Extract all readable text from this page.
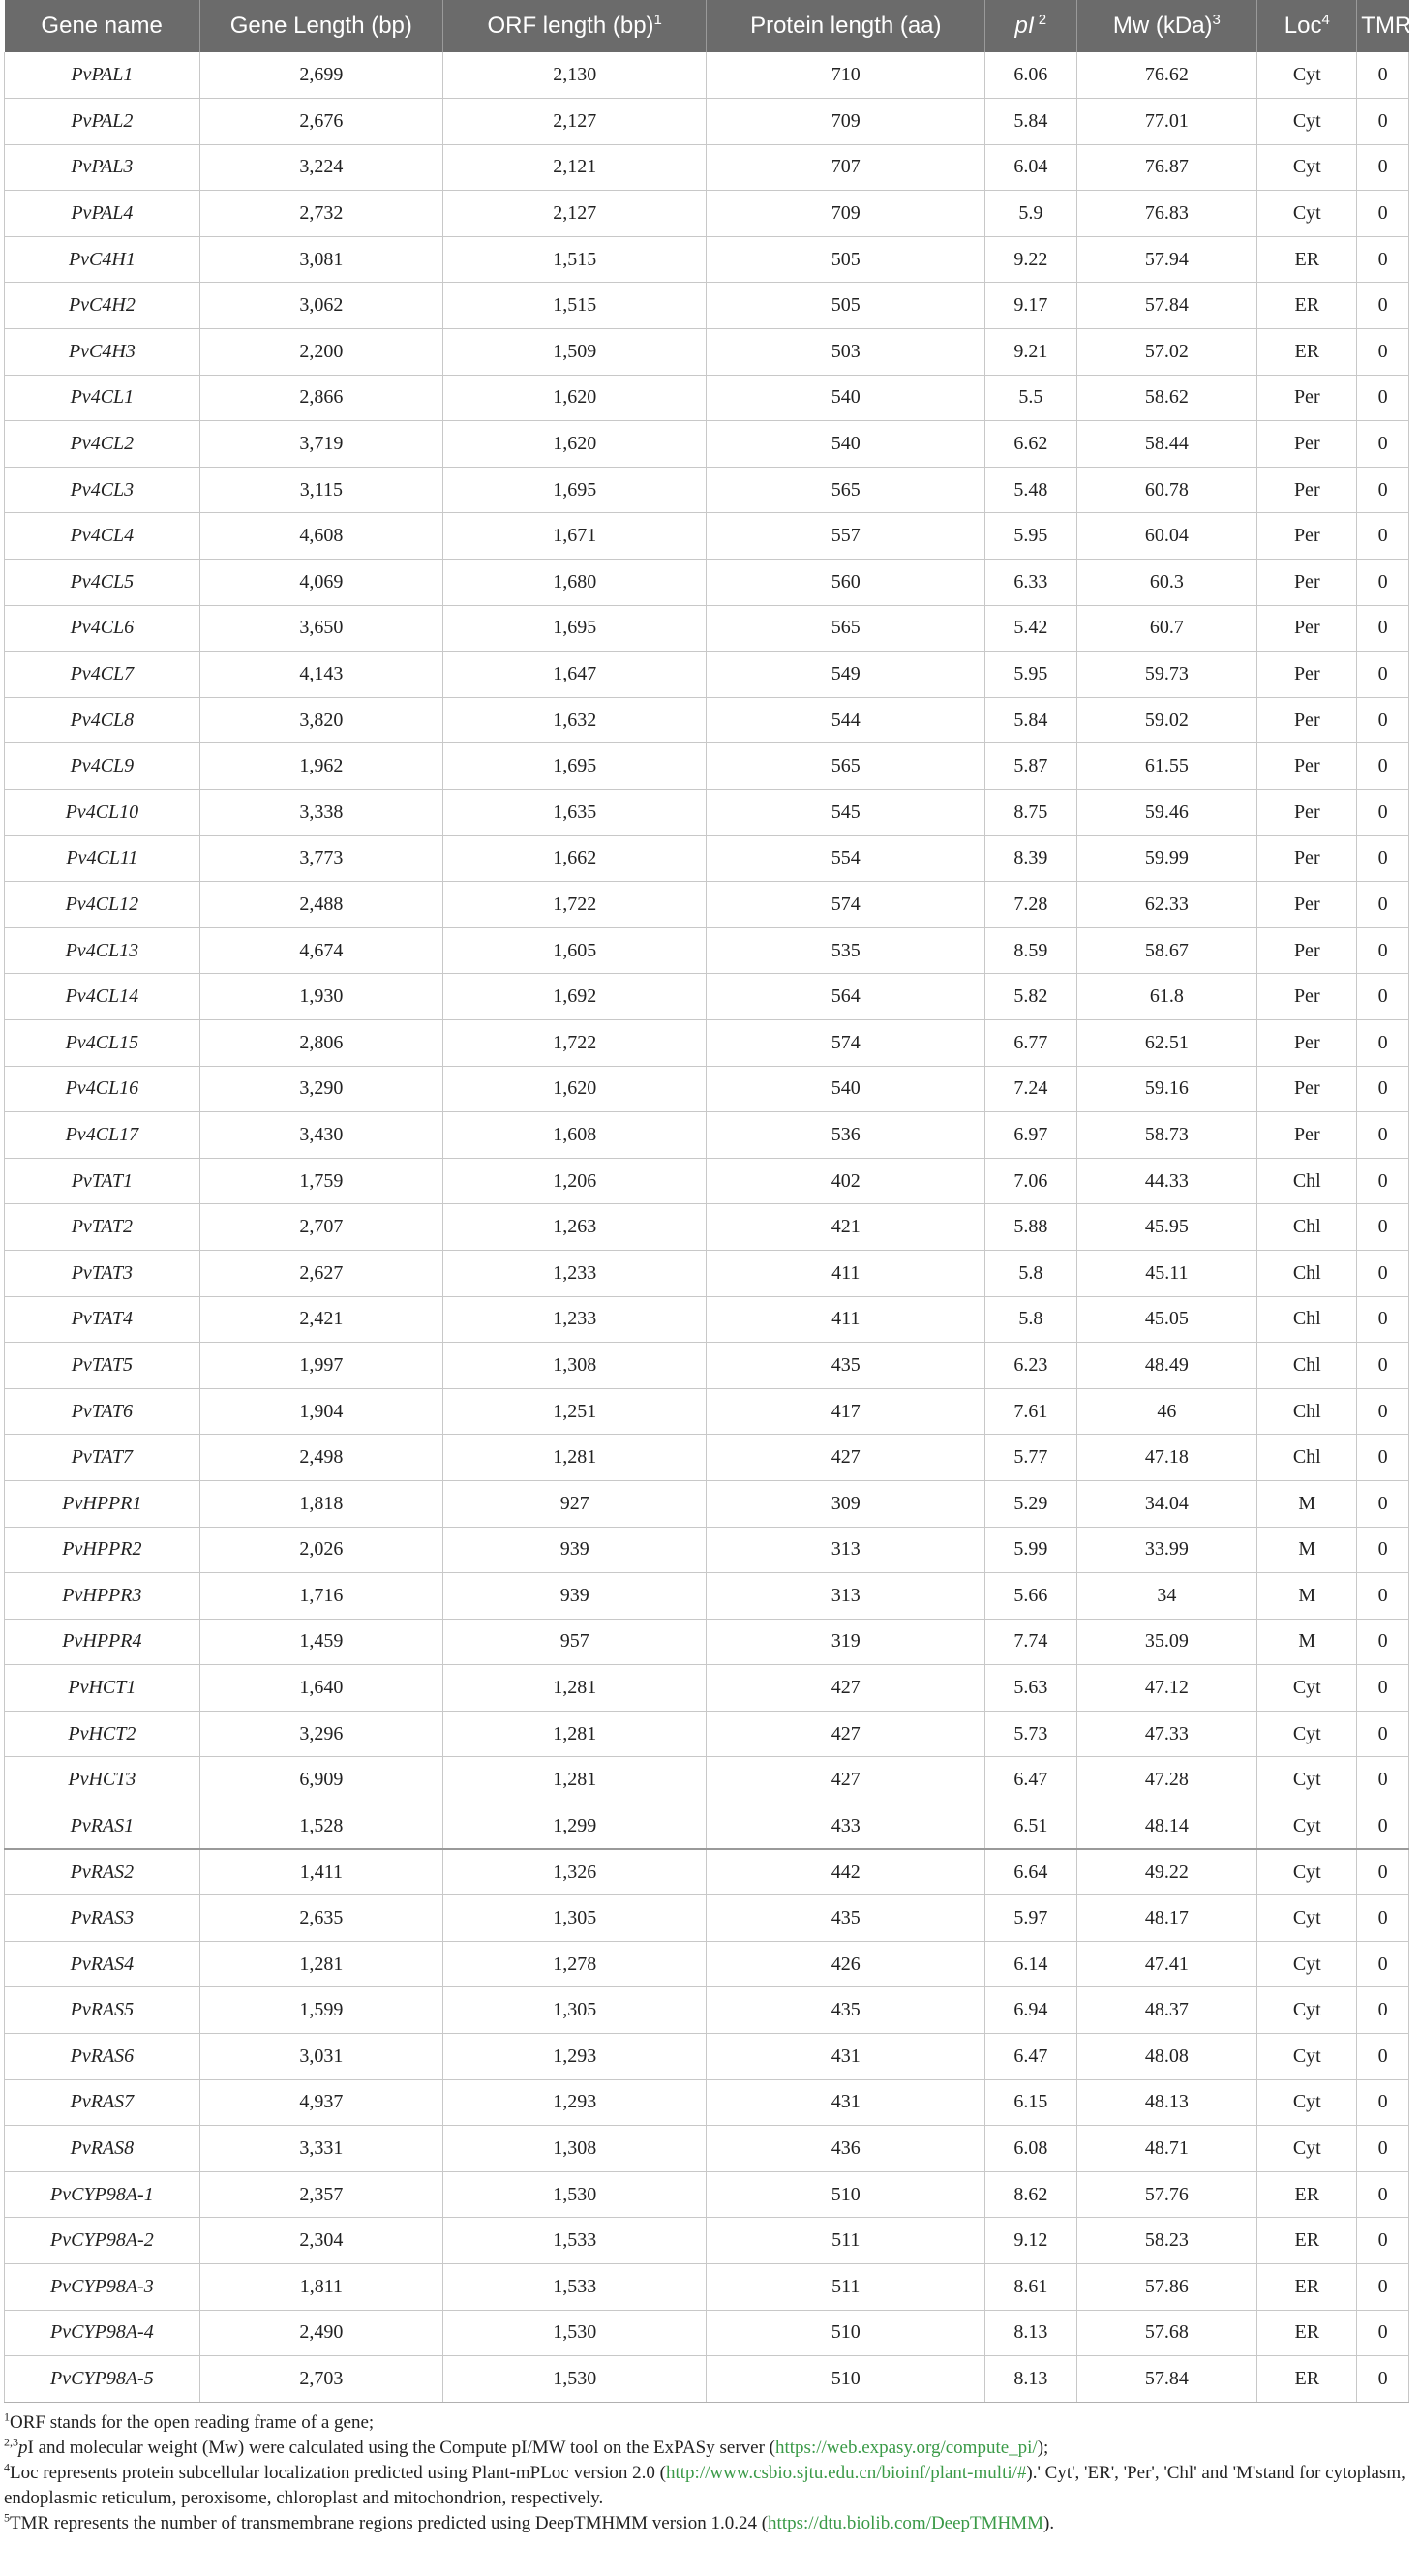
Gene name	Gene Length (bp)	ORF length (bp)$^1$	Protein length (aa)	pI $^2$	Mw (kDa)$^3$	Loc$^4$	TMR$^5$
PvPAL1	2,699	2,130	710	6.06	76.62	Cyt	0
PvPAL2	2,676	2,127	709	5.84	77.01	Cyt	0
PvPAL3	3,224	2,121	707	6.04	76.87	Cyt	0
PvPAL4	2,732	2,127	709	5.9	76.83	Cyt	0
PvC4H1	3,081	1,515	505	9.22	57.94	ER	0
PvC4H2	3,062	1,515	505	9.17	57.84	ER	0
PvC4H3	2,200	1,509	503	9.21	57.02	ER	0
Pv4CL1	2,866	1,620	540	5.5	58.62	Per	0
Pv4CL2	3,719	1,620	540	6.62	58.44	Per	0
Pv4CL3	3,115	1,695	565	5.48	60.78	Per	0
Pv4CL4	4,608	1,671	557	5.95	60.04	Per	0
Pv4CL5	4,069	1,680	560	6.33	60.3	Per	0
Pv4CL6	3,650	1,695	565	5.42	60.7	Per	0
Pv4CL7	4,143	1,647	549	5.95	59.73	Per	0
Pv4CL8	3,820	1,632	544	5.84	59.02	Per	0
Pv4CL9	1,962	1,695	565	5.87	61.55	Per	0
Pv4CL10	3,338	1,635	545	8.75	59.46	Per	0
Pv4CL11	3,773	1,662	554	8.39	59.99	Per	0
Pv4CL12	2,488	1,722	574	7.28	62.33	Per	0
Pv4CL13	4,674	1,605	535	8.59	58.67	Per	0
Pv4CL14	1,930	1,692	564	5.82	61.8	Per	0
Pv4CL15	2,806	1,722	574	6.77	62.51	Per	0
Pv4CL16	3,290	1,620	540	7.24	59.16	Per	0
Pv4CL17	3,430	1,608	536	6.97	58.73	Per	0
PvTAT1	1,759	1,206	402	7.06	44.33	Chl	0
PvTAT2	2,707	1,263	421	5.88	45.95	Chl	0
PvTAT3	2,627	1,233	411	5.8	45.11	Chl	0
PvTAT4	2,421	1,233	411	5.8	45.05	Chl	0
PvTAT5	1,997	1,308	435	6.23	48.49	Chl	0
PvTAT6	1,904	1,251	417	7.61	46	Chl	0
PvTAT7	2,498	1,281	427	5.77	47.18	Chl	0
PvHPPR1	1,818	927	309	5.29	34.04	M	0
PvHPPR2	2,026	939	313	5.99	33.99	M	0
PvHPPR3	1,716	939	313	5.66	34	M	0
PvHPPR4	1,459	957	319	7.74	35.09	M	0
PvHCT1	1,640	1,281	427	5.63	47.12	Cyt	0
PvHCT2	3,296	1,281	427	5.73	47.33	Cyt	0
PvHCT3	6,909	1,281	427	6.47	47.28	Cyt	0
PvRAS1	1,528	1,299	433	6.51	48.14	Cyt	0
PvRAS2	1,411	1,326	442	6.64	49.22	Cyt	0
PvRAS3	2,635	1,305	435	5.97	48.17	Cyt	0
PvRAS4	1,281	1,278	426	6.14	47.41	Cyt	0
PvRAS5	1,599	1,305	435	6.94	48.37	Cyt	0
PvRAS6	3,031	1,293	431	6.47	48.08	Cyt	0
PvRAS7	4,937	1,293	431	6.15	48.13	Cyt	0
PvRAS8	3,331	1,308	436	6.08	48.71	Cyt	0
PvCYP98A-1	2,357	1,530	510	8.62	57.76	ER	0
PvCYP98A-2	2,304	1,533	511	9.12	58.23	ER	0
PvCYP98A-3	1,811	1,533	511	8.61	57.86	ER	0
PvCYP98A-4	2,490	1,530	510	8.13	57.68	ER	0
PvCYP98A-5	2,703	1,530	510	8.13	57.84	ER	0

$^1$ORF stands for the open reading frame of a gene;

$^{2,3}$pI and molecular weight (Mw) were calculated using the Compute pI/MW tool on the ExPASy server (https://web.expasy.org/compute_pi/);

$^4$Loc represents protein subcellular localization predicted using Plant-mPLoc version 2.0 (http://www.csbio.sjtu.edu.cn/bioinf/plant-multi/#).' Cyt', 'ER', 'Per', 'Chl' and 'M'stand for cytoplasm, endoplasmic reticulum, peroxisome, chloroplast and mitochondrion, respectively.

$^5$TMR represents the number of transmembrane regions predicted using DeepTMHMM version 1.0.24 (https://dtu.biolib.com/DeepTMHMM).
